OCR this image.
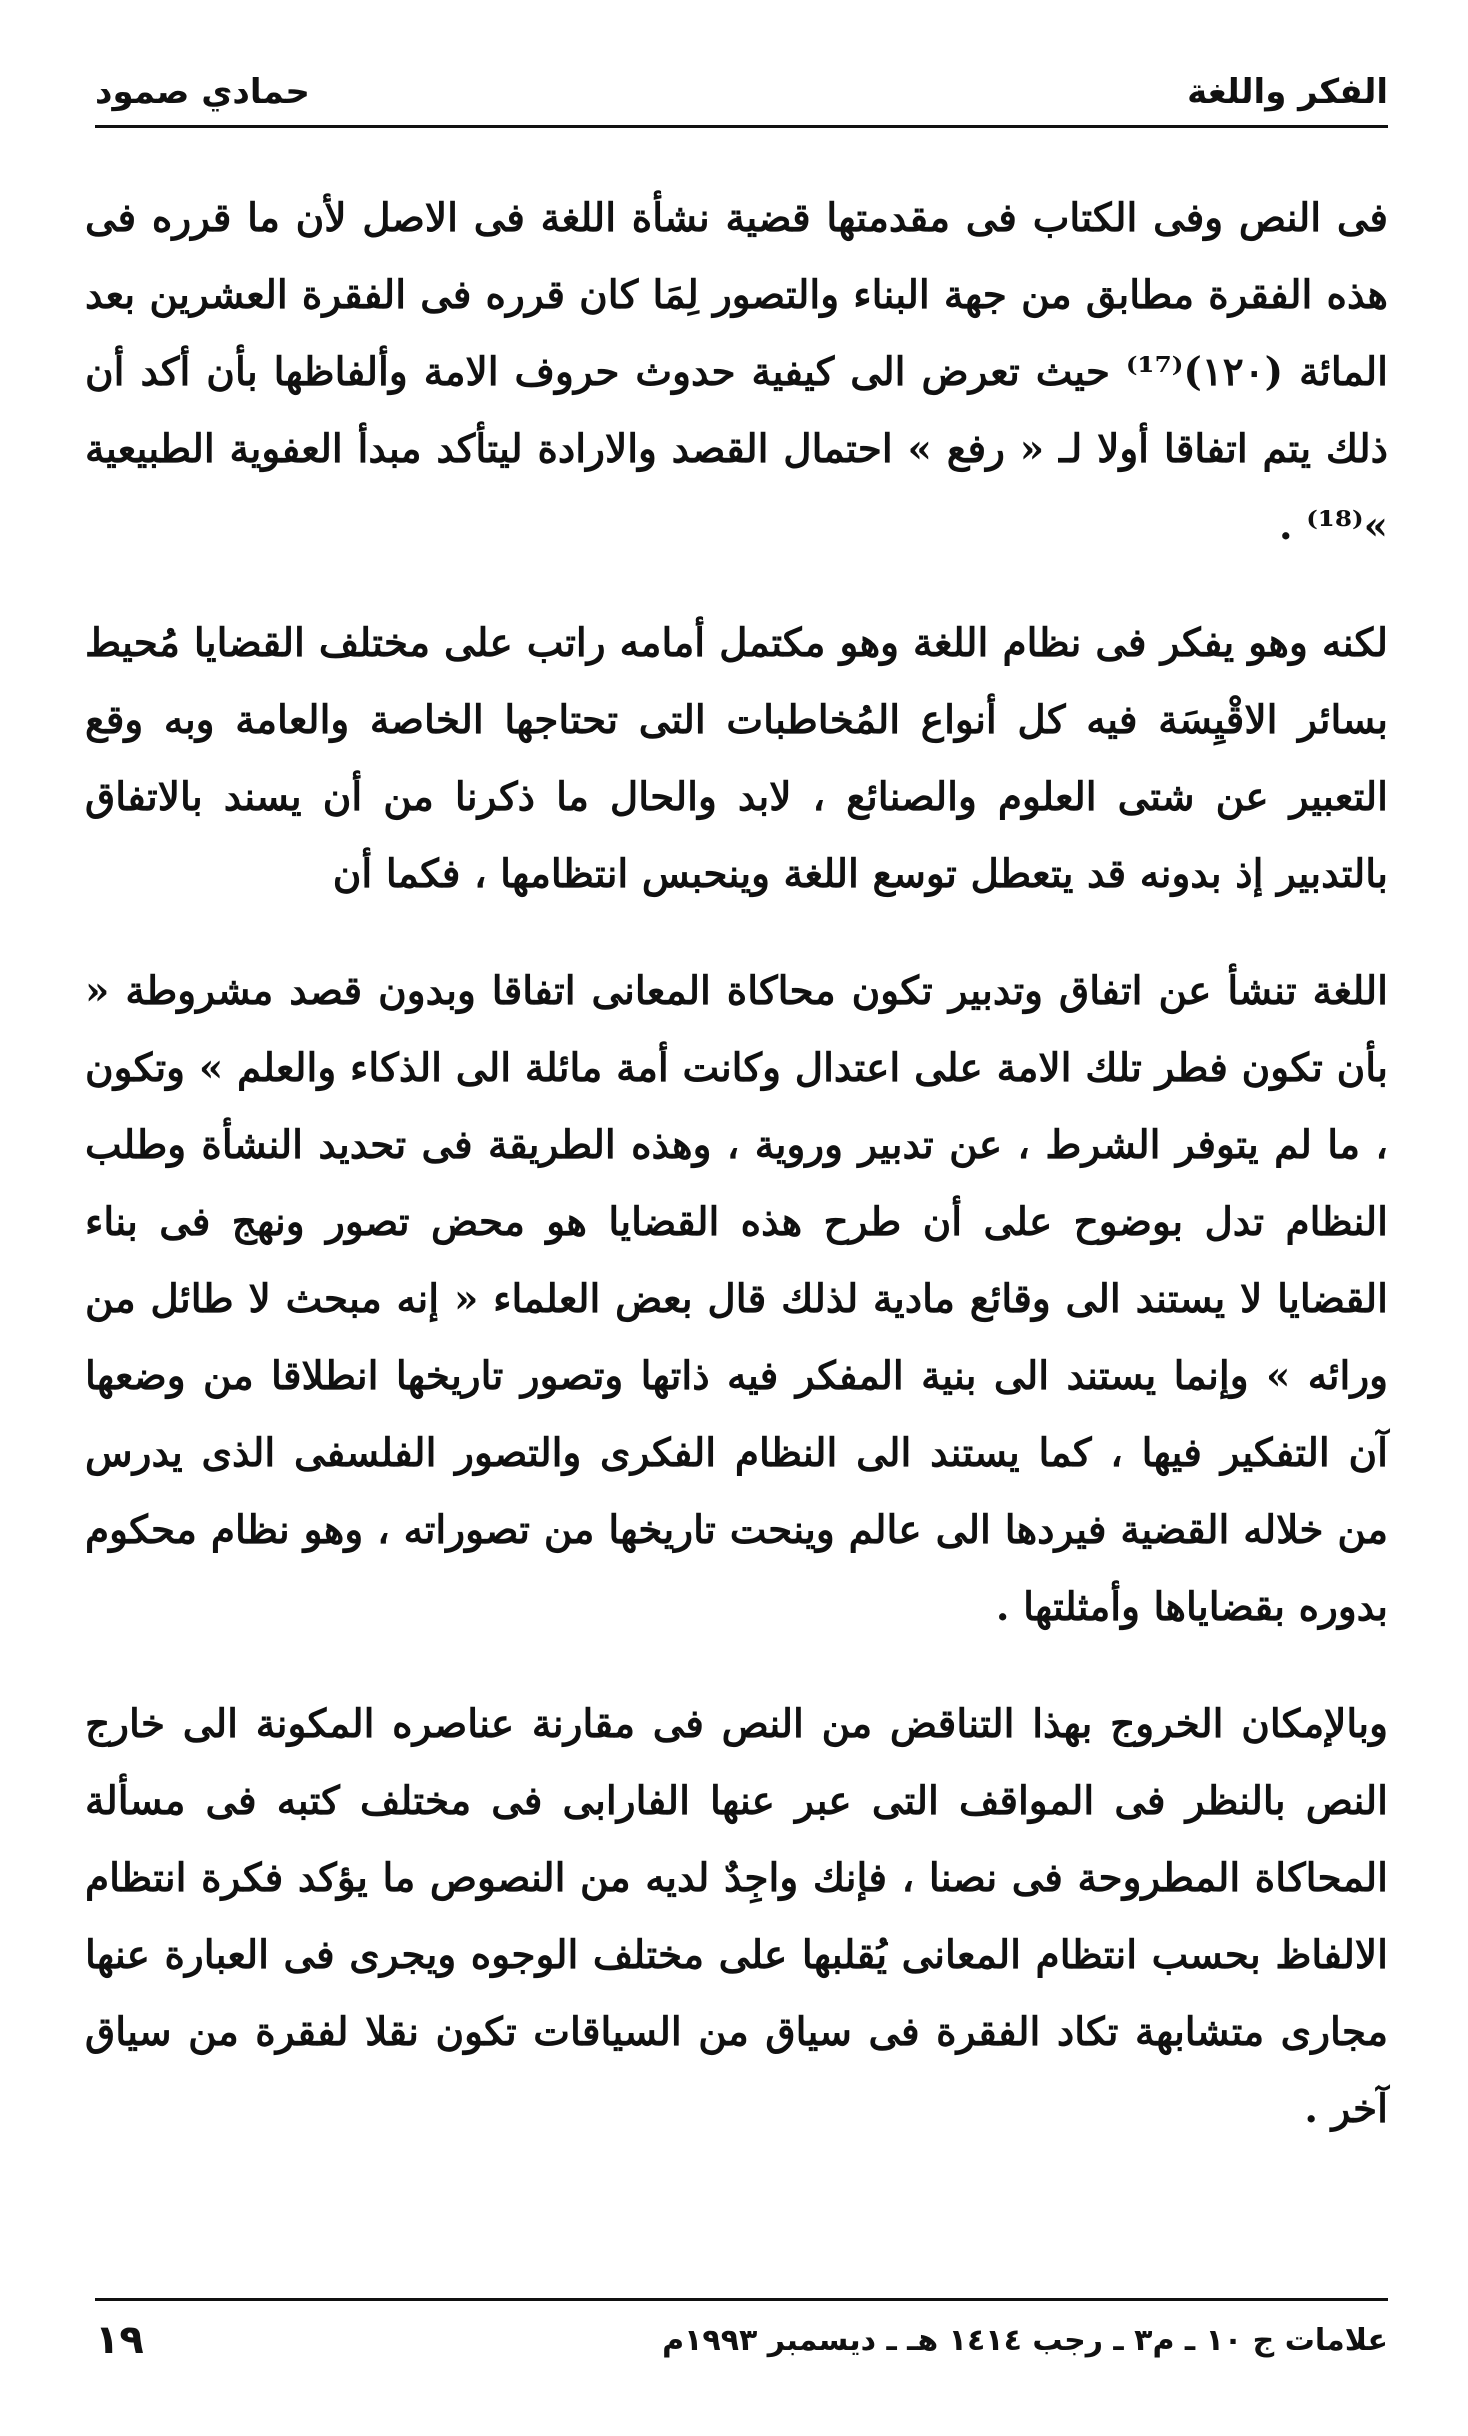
الفكر واللغة
حمادي صمود

فى النص وفى الكتاب فى مقدمتها قضية نشأة اللغة فى الاصل لأن ما قرره فى هذه الفقرة مطابق من جهة البناء والتصور لِمَا كان قرره فى الفقرة العشرين بعد المائة (١٢٠)⁽¹⁷⁾ حيث تعرض الى كيفية حدوث حروف الامة وألفاظها بأن أكد أن ذلك يتم اتفاقا أولا لـ « رفع » احتمال القصد والارادة ليتأكد مبدأ العفوية الطبيعية »⁽¹⁸⁾ .

لكنه وهو يفكر فى نظام اللغة وهو مكتمل أمامه راتب على مختلف القضايا مُحيط بسائر الاقْيِسَة فيه كل أنواع المُخاطبات التى تحتاجها الخاصة والعامة وبه وقع التعبير عن شتى العلوم والصنائع ، لابد والحال ما ذكرنا من أن يسند بالاتفاق بالتدبير إذ بدونه قد يتعطل توسع اللغة وينحبس انتظامها ، فكما أن

اللغة تنشأ عن اتفاق وتدبير تكون محاكاة المعانى اتفاقا وبدون قصد مشروطة « بأن تكون فطر تلك الامة على اعتدال وكانت أمة مائلة الى الذكاء والعلم » وتكون ، ما لم يتوفر الشرط ، عن تدبير وروية ، وهذه الطريقة فى تحديد النشأة وطلب النظام تدل بوضوح على أن طرح هذه القضايا هو محض تصور ونهج فى بناء القضايا لا يستند الى وقائع مادية لذلك قال بعض العلماء « إنه مبحث لا طائل من ورائه » وإنما يستند الى بنية المفكر فيه ذاتها وتصور تاريخها انطلاقا من وضعها آن التفكير فيها ، كما يستند الى النظام الفكرى والتصور الفلسفى الذى يدرس من خلاله القضية فيردها الى عالم وينحت تاريخها من تصوراته ، وهو نظام محكوم بدوره بقضاياها وأمثلتها .

وبالإمكان الخروج بهذا التناقض من النص فى مقارنة عناصره المكونة الى خارج النص بالنظر فى المواقف التى عبر عنها الفارابى فى مختلف كتبه فى مسألة المحاكاة المطروحة فى نصنا ، فإنك واجِدٌ لديه من النصوص ما يؤكد فكرة انتظام الالفاظ بحسب انتظام المعانى يُقلبها على مختلف الوجوه ويجرى فى العبارة عنها مجارى متشابهة تكاد الفقرة فى سياق من السياقات تكون نقلا لفقرة من سياق آخر .

علامات ج ١٠ ـ م٣ ـ رجب ١٤١٤ هـ ـ ديسمبر ١٩٩٣م
١٩
